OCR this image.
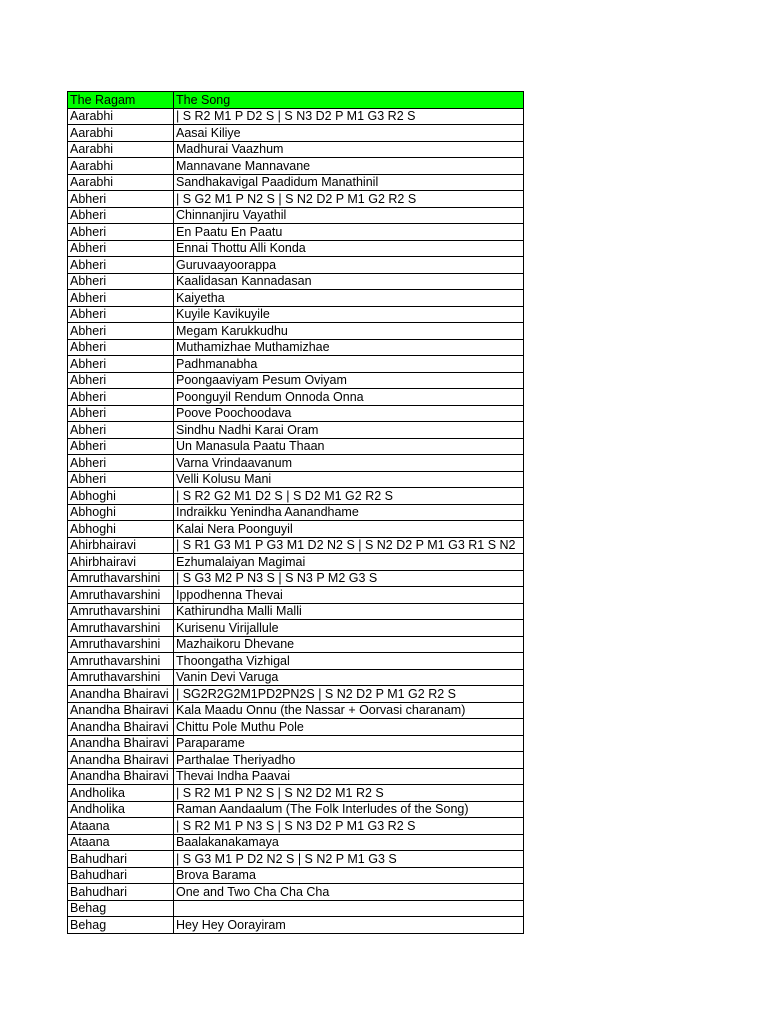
The Ragam	The Song
Aarabhi	| S R2 M1 P D2 S | S N3 D2 P M1 G3 R2 S
Aarabhi	Aasai Kiliye
Aarabhi	Madhurai Vaazhum
Aarabhi	Mannavane Mannavane
Aarabhi	Sandhakavigal Paadidum Manathinil
Abheri	| S G2 M1 P N2 S | S N2 D2 P M1 G2 R2 S
Abheri	Chinnanjiru Vayathil
Abheri	En Paatu En Paatu
Abheri	Ennai Thottu Alli Konda
Abheri	Guruvaayoorappa
Abheri	Kaalidasan Kannadasan
Abheri	Kaiyetha
Abheri	Kuyile Kavikuyile
Abheri	Megam Karukkudhu
Abheri	Muthamizhae Muthamizhae
Abheri	Padhmanabha
Abheri	Poongaaviyam Pesum Oviyam
Abheri	Poonguyil Rendum Onnoda Onna
Abheri	Poove Poochoodava
Abheri	Sindhu Nadhi Karai Oram
Abheri	Un Manasula Paatu Thaan
Abheri	Varna Vrindaavanum
Abheri	Velli Kolusu Mani
Abhoghi	| S R2 G2 M1 D2 S | S D2 M1 G2 R2 S
Abhoghi	Indraikku Yenindha Aanandhame
Abhoghi	Kalai Nera Poonguyil
Ahirbhairavi	| S R1 G3 M1 P G3 M1 D2 N2 S | S N2 D2 P M1 G3 R1 S N2
Ahirbhairavi	Ezhumalaiyan Magimai
Amruthavarshini	| S G3 M2 P N3 S | S N3 P M2 G3 S
Amruthavarshini	Ippodhenna Thevai
Amruthavarshini	Kathirundha Malli Malli
Amruthavarshini	Kurisenu Virijallule
Amruthavarshini	Mazhaikoru Dhevane
Amruthavarshini	Thoongatha Vizhigal
Amruthavarshini	Vanin Devi Varuga
Anandha Bhairavi	| SG2R2G2M1PD2PN2S | S N2 D2 P M1 G2 R2 S
Anandha Bhairavi	Kala Maadu Onnu (the Nassar + Oorvasi charanam)
Anandha Bhairavi	Chittu Pole Muthu Pole
Anandha Bhairavi	Paraparame
Anandha Bhairavi	Parthalae Theriyadho
Anandha Bhairavi	Thevai Indha Paavai
Andholika	| S R2 M1 P N2 S | S N2 D2 M1 R2 S
Andholika	Raman Aandaalum (The Folk Interludes of the Song)
Ataana	| S R2 M1 P N3 S | S N3 D2 P M1 G3 R2 S
Ataana	Baalakanakamaya
Bahudhari	| S G3 M1 P D2 N2 S | S N2 P M1 G3 S
Bahudhari	Brova Barama
Bahudhari	One and Two Cha Cha Cha
Behag	
Behag	Hey Hey Oorayiram
